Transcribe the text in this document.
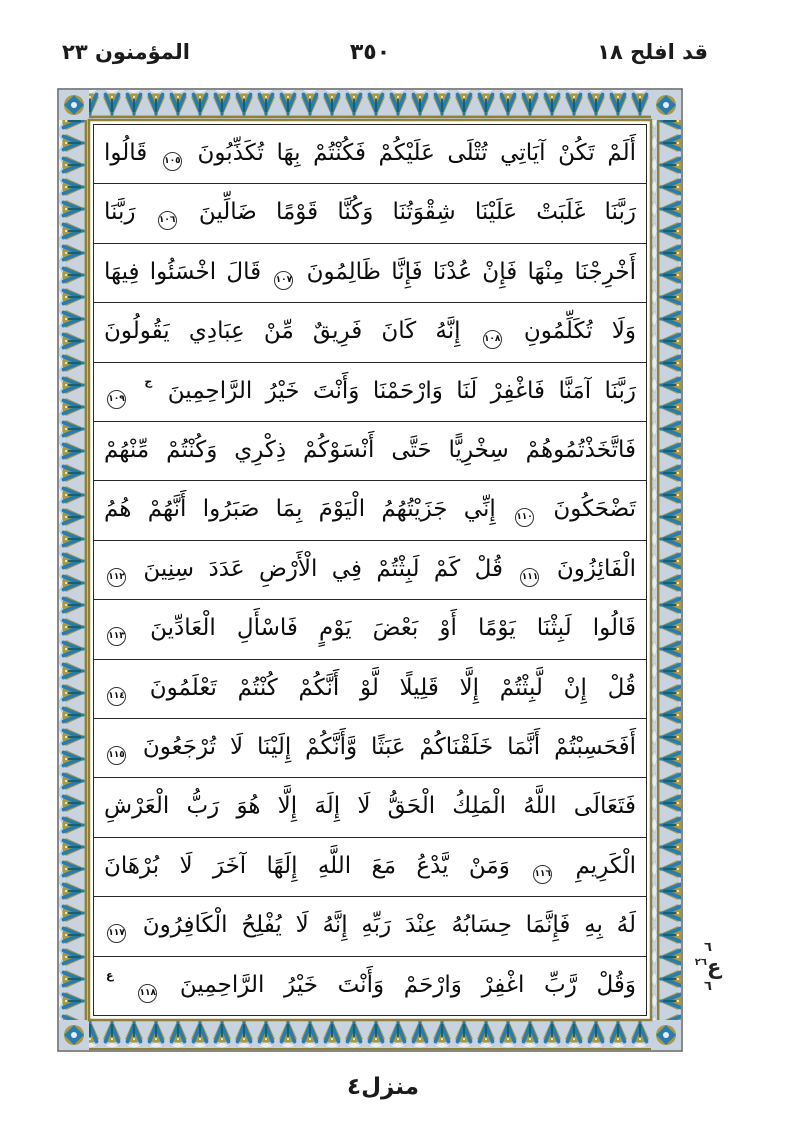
قد افلح ١٨
٣٥٠
المؤمنون ٢٣
أَلَمْ تَكُنْ آيَاتِي تُتْلَى عَلَيْكُمْ فَكُنْتُمْ بِهَا تُكَذِّبُونَ ١٠٥ قَالُوا
رَبَّنَا غَلَبَتْ عَلَيْنَا شِقْوَتُنَا وَكُنَّا قَوْمًا ضَالِّينَ ١٠٦ رَبَّنَا
أَخْرِجْنَا مِنْهَا فَإِنْ عُدْنَا فَإِنَّا ظَالِمُونَ ١٠٧ قَالَ اخْسَئُوا فِيهَا
وَلَا تُكَلِّمُونِ ١٠٨ إِنَّهُ كَانَ فَرِيقٌ مِّنْ عِبَادِي يَقُولُونَ
رَبَّنَا آمَنَّا فَاغْفِرْ لَنَا وَارْحَمْنَا وَأَنْتَ خَيْرُ الرَّاحِمِينَ $^ج$ ١٠٩
فَاتَّخَذْتُمُوهُمْ سِخْرِيًّا حَتَّى أَنْسَوْكُمْ ذِكْرِي وَكُنْتُمْ مِّنْهُمْ
تَضْحَكُونَ ١١٠ إِنِّي جَزَيْتُهُمُ الْيَوْمَ بِمَا صَبَرُوا أَنَّهُمْ هُمُ
الْفَائِزُونَ ١١١ قُلْ كَمْ لَبِثْتُمْ فِي الْأَرْضِ عَدَدَ سِنِينَ ١١٢
قَالُوا لَبِثْنَا يَوْمًا أَوْ بَعْضَ يَوْمٍ فَاسْأَلِ الْعَادِّينَ ١١٣
قُلْ إِنْ لَّبِثْتُمْ إِلَّا قَلِيلًا لَّوْ أَنَّكُمْ كُنْتُمْ تَعْلَمُونَ ١١٤
أَفَحَسِبْتُمْ أَنَّمَا خَلَقْنَاكُمْ عَبَثًا وَّأَنَّكُمْ إِلَيْنَا لَا تُرْجَعُونَ ١١٥
فَتَعَالَى اللَّهُ الْمَلِكُ الْحَقُّ لَا إِلَهَ إِلَّا هُوَ رَبُّ الْعَرْشِ
الْكَرِيمِ ١١٦ وَمَنْ يَّدْعُ مَعَ اللَّهِ إِلَهًا آخَرَ لَا بُرْهَانَ
لَهُ بِهِ فَإِنَّمَا حِسَابُهُ عِنْدَ رَبِّهِ إِنَّهُ لَا يُفْلِحُ الْكَافِرُونَ ١١٧
وَقُلْ رَّبِّ اغْفِرْ وَارْحَمْ وَأَنْتَ خَيْرُ الرَّاحِمِينَ ١١٨ $^ع$
٦
ع
٢٦
٦
منزل٤
